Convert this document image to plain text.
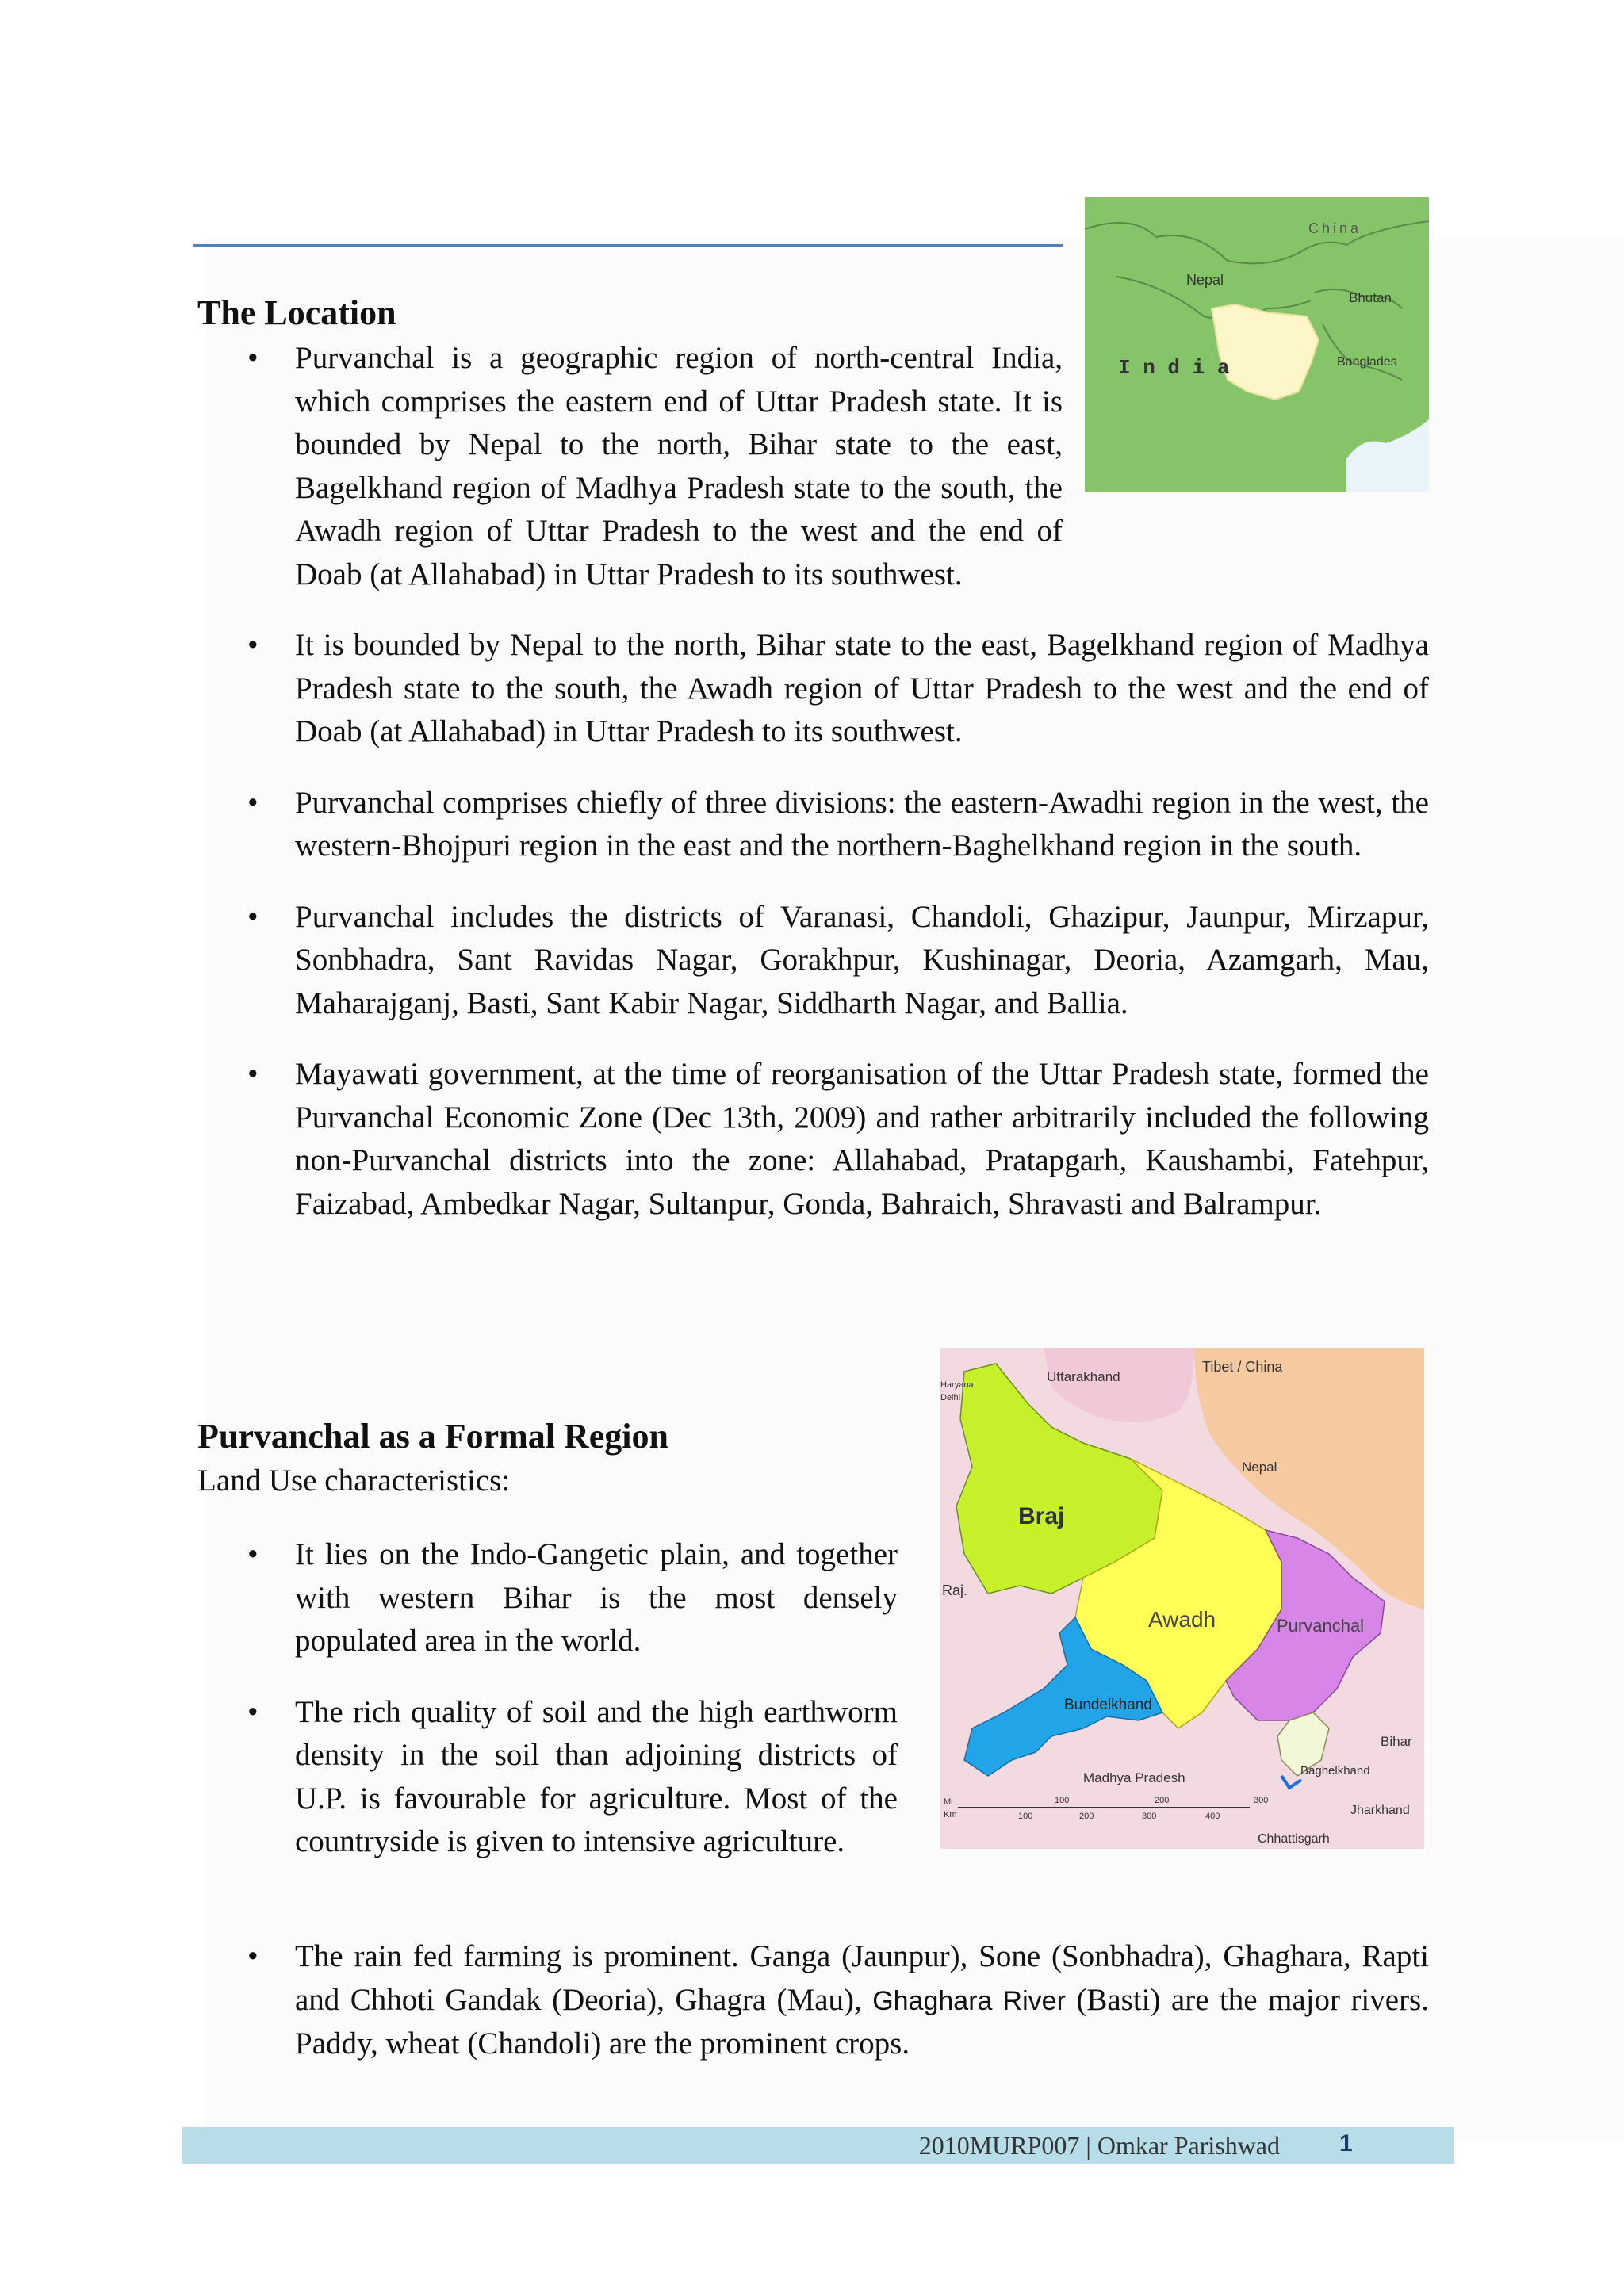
China
Nepal
Bhutan
I n d i a	Banglades
The Location
• Purvanchal is a geographic region of north-central India, which comprises the eastern end of Uttar Pradesh state. It is bounded by Nepal to the north, Bihar state to the east, Bagelkhand region of Madhya Pradesh state to the south, the Awadh region of Uttar Pradesh to the west and the end of Doab (at Allahabad) in Uttar Pradesh to its southwest.
• It is bounded by Nepal to the north, Bihar state to the east, Bagelkhand region of Madhya Pradesh state to the south, the Awadh region of Uttar Pradesh to the west and the end of Doab (at Allahabad) in Uttar Pradesh to its southwest.
• Purvanchal comprises chiefly of three divisions: the eastern-Awadhi region in the west, the western-Bhojpuri region in the east and the northern-Baghelkhand region in the south.
• Purvanchal includes the districts of Varanasi, Chandoli, Ghazipur, Jaunpur, Mirzapur, Sonbhadra, Sant Ravidas Nagar, Gorakhpur, Kushinagar, Deoria, Azamgarh, Mau, Maharajganj, Basti, Sant Kabir Nagar, Siddharth Nagar, and Ballia.
• Mayawati government, at the time of reorganisation of the Uttar Pradesh state, formed the Purvanchal Economic Zone (Dec 13th, 2009) and rather arbitrarily included the following non-Purvanchal districts into the zone: Allahabad, Pratapgarh, Kaushambi, Fatehpur, Faizabad, Ambedkar Nagar, Sultanpur, Gonda, Bahraich, Shravasti and Balrampur.
Tibet / China
Uttarakhand
Nepal
Braj
Raj.
Awadh	Purvanchal
Bundelkhand
Bihar
Madhya Pradesh	Baghelkhand
Jharkhand
Chhattisgarh
Haryana
Delhi
Mi
Km
100	200	300
100	200	300	400
Purvanchal as a Formal Region
Land Use characteristics:
• It lies on the Indo-Gangetic plain, and together with western Bihar is the most densely populated area in the world.
• The rich quality of soil and the high earthworm density in the soil than adjoining districts of U.P. is favourable for agriculture. Most of the countryside is given to intensive agriculture.
• The rain fed farming is prominent. Ganga (Jaunpur), Sone (Sonbhadra), Ghaghara, Rapti and Chhoti Gandak (Deoria), Ghagra (Mau), Ghaghara River (Basti) are the major rivers. Paddy, wheat (Chandoli) are the prominent crops.
2010MURP007 | Omkar Parishwad	1
